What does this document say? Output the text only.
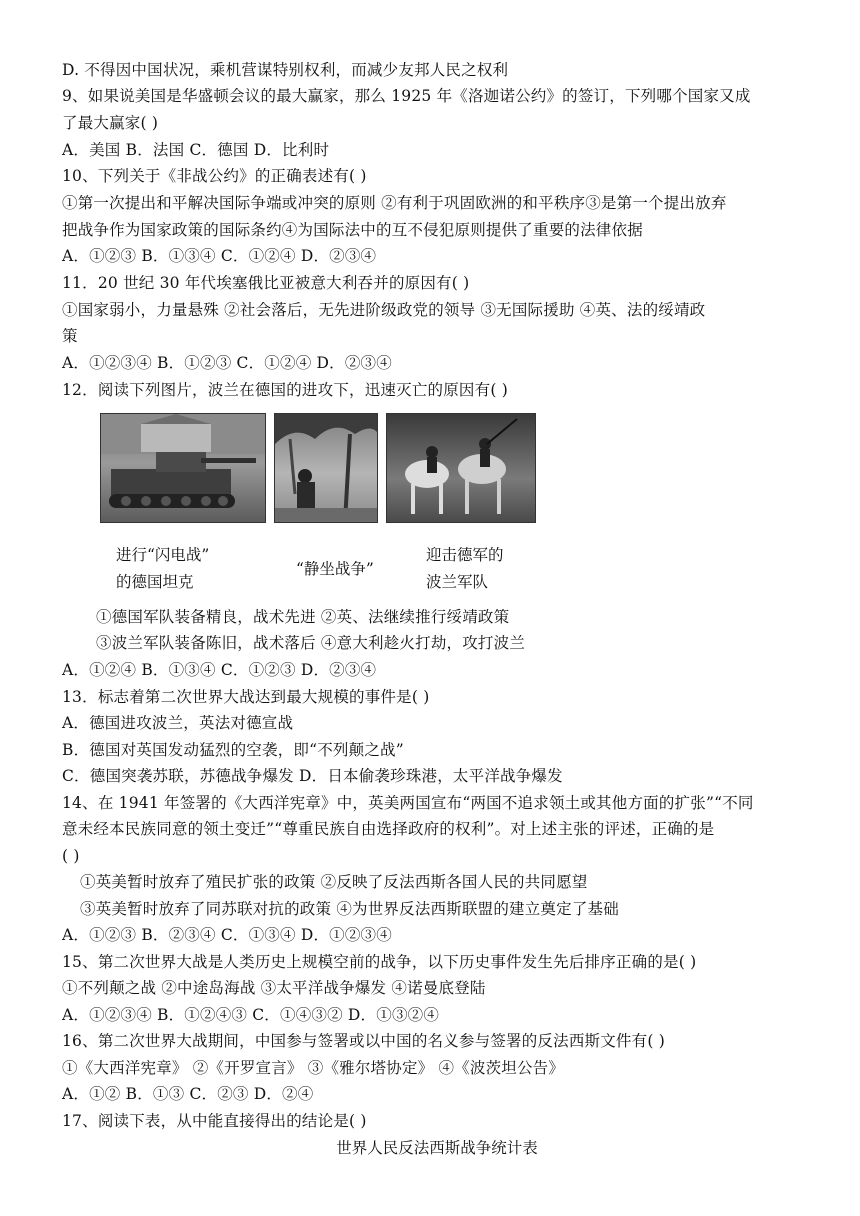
D. 不得因中国状况，乘机营谋特别权利，而减少友邦人民之权利
9、如果说美国是华盛顿会议的最大赢家，那么 1925 年《洛迦诺公约》的签订，下列哪个国家又成
了最大赢家( )
A．美国 B．法国 C．德国 D．比利时
10、下列关于《非战公约》的正确表述有( )
①第一次提出和平解决国际争端或冲突的原则 ②有利于巩固欧洲的和平秩序③是第一个提出放弃
把战争作为国家政策的国际条约④为国际法中的互不侵犯原则提供了重要的法律依据
A．①②③ B．①③④ C．①②④ D．②③④
11．20 世纪 30 年代埃塞俄比亚被意大利吞并的原因有( )
①国家弱小，力量悬殊 ②社会落后，无先进阶级政党的领导 ③无国际援助 ④英、法的绥靖政
策
A．①②③④ B．①②③ C．①②④ D．②③④
12．阅读下列图片，波兰在德国的进攻下，迅速灭亡的原因有( )
进行“闪电战”
的德国坦克
“静坐战争”
迎击德军的
波兰军队
①德国军队装备精良，战术先进 ②英、法继续推行绥靖政策
③波兰军队装备陈旧，战术落后 ④意大利趁火打劫，攻打波兰
A．①②④ B．①③④ C．①②③ D．②③④
13．标志着第二次世界大战达到最大规模的事件是( )
A．德国进攻波兰，英法对德宣战
B．德国对英国发动猛烈的空袭，即“不列颠之战”
C．德国突袭苏联，苏德战争爆发 D．日本偷袭珍珠港，太平洋战争爆发
14、在 1941 年签署的《大西洋宪章》中，英美两国宣布“两国不追求领土或其他方面的扩张”“不同
意未经本民族同意的领土变迁”“尊重民族自由选择政府的权利”。对上述主张的评述，正确的是
( )
①英美暂时放弃了殖民扩张的政策 ②反映了反法西斯各国人民的共同愿望
③英美暂时放弃了同苏联对抗的政策 ④为世界反法西斯联盟的建立奠定了基础
A．①②③ B．②③④ C．①③④ D．①②③④
15、第二次世界大战是人类历史上规模空前的战争，以下历史事件发生先后排序正确的是( )
①不列颠之战 ②中途岛海战 ③太平洋战争爆发 ④诺曼底登陆
A．①②③④ B．①②④③ C．①④③② D．①③②④
16、第二次世界大战期间，中国参与签署或以中国的名义参与签署的反法西斯文件有( )
①《大西洋宪章》 ②《开罗宣言》 ③《雅尔塔协定》 ④《波茨坦公告》
A．①② B．①③ C．②③ D．②④
17、阅读下表，从中能直接得出的结论是( )
世界人民反法西斯战争统计表
